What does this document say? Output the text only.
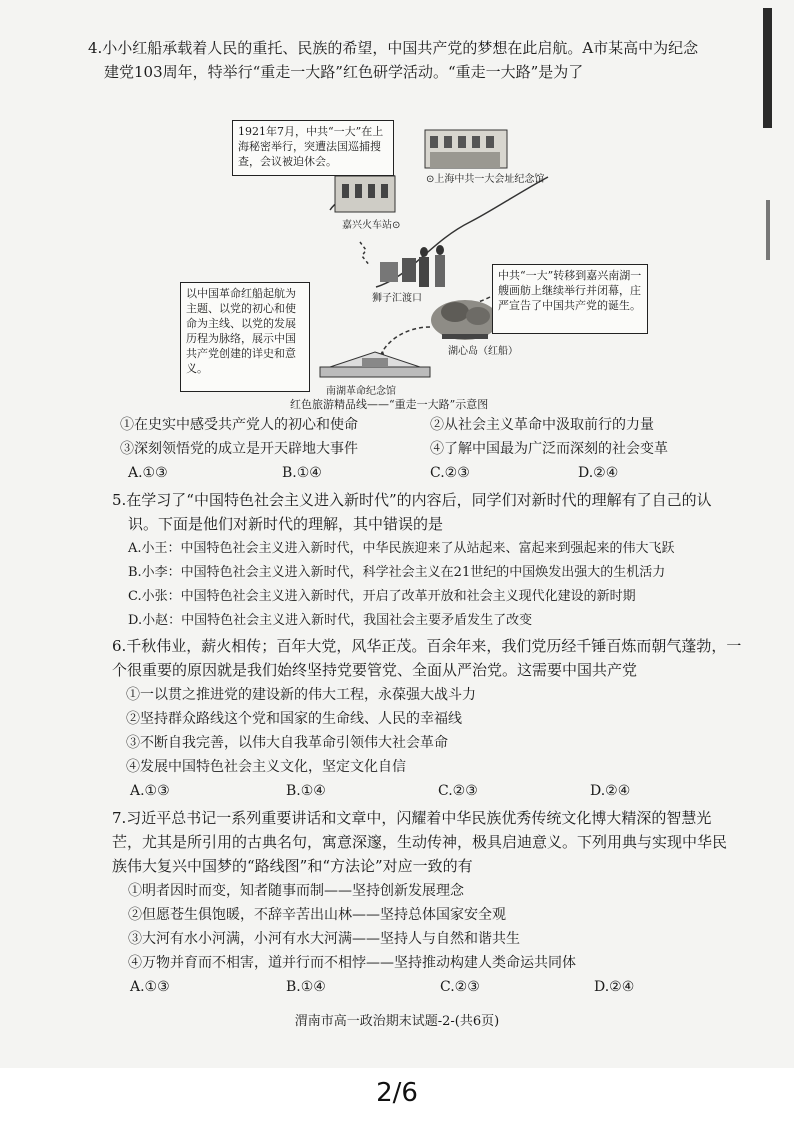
4.小小红船承载着人民的重托、民族的希望，中国共产党的梦想在此启航。A市某高中为纪念
建党103周年，特举行“重走一大路”红色研学活动。“重走一大路”是为了
1921年7月，中共“一大”在上海秘密举行，突遭法国巡捕搜查，会议被迫休会。
⊙上海中共一大会址纪念馆
嘉兴火车站⊙
狮子汇渡口
中共“一大”转移到嘉兴南湖一艘画舫上继续举行并闭幕，庄严宣告了中国共产党的诞生。
湖心岛（红船）
以中国革命红船起航为主题、以党的初心和使命为主线、以党的发展历程为脉络，展示中国共产党创建的详史和意义。
南湖革命纪念馆
红色旅游精品线——“重走一大路”示意图
①在史实中感受共产党人的初心和使命	②从社会主义革命中汲取前行的力量
③深刻领悟党的成立是开天辟地大事件	④了解中国最为广泛而深刻的社会变革
A.①③	B.①④	C.②③	D.②④
5.在学习了“中国特色社会主义进入新时代”的内容后，同学们对新时代的理解有了自己的认
识。下面是他们对新时代的理解，其中错误的是
A.小王：中国特色社会主义进入新时代，中华民族迎来了从站起来、富起来到强起来的伟大飞跃
B.小李：中国特色社会主义进入新时代，科学社会主义在21世纪的中国焕发出强大的生机活力
C.小张：中国特色社会主义进入新时代，开启了改革开放和社会主义现代化建设的新时期
D.小赵：中国特色社会主义进入新时代，我国社会主要矛盾发生了改变
6.千秋伟业，薪火相传；百年大党，风华正茂。百余年来，我们党历经千锤百炼而朝气蓬勃，一
个很重要的原因就是我们始终坚持党要管党、全面从严治党。这需要中国共产党
①一以贯之推进党的建设新的伟大工程，永葆强大战斗力
②坚持群众路线这个党和国家的生命线、人民的幸福线
③不断自我完善，以伟大自我革命引领伟大社会革命
④发展中国特色社会主义文化，坚定文化自信
A.①③	B.①④	C.②③	D.②④
7.习近平总书记一系列重要讲话和文章中，闪耀着中华民族优秀传统文化博大精深的智慧光
芒，尤其是所引用的古典名句，寓意深邃，生动传神，极具启迪意义。下列用典与实现中华民
族伟大复兴中国梦的“路线图”和“方法论”对应一致的有
①明者因时而变，知者随事而制——坚持创新发展理念
②但愿苍生俱饱暖，不辞辛苦出山林——坚持总体国家安全观
③大河有水小河满，小河有水大河满——坚持人与自然和谐共生
④万物并育而不相害，道并行而不相悖——坚持推动构建人类命运共同体
A.①③	B.①④	C.②③	D.②④
渭南市高一政治期末试题-2-(共6页)
2/6
